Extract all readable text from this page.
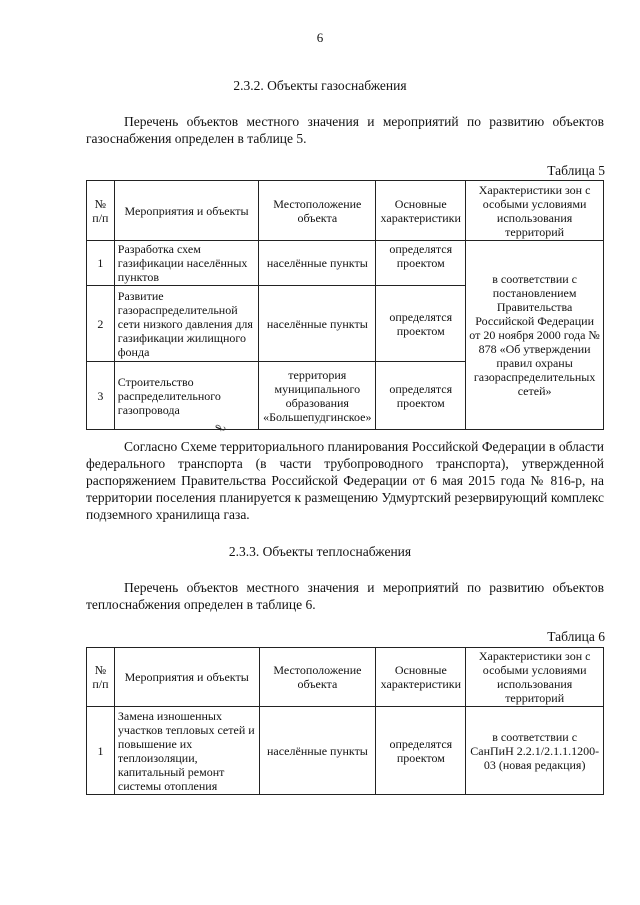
6
2.3.2. Объекты газоснабжения

Перечень объектов местного значения и мероприятий по развитию объектов газоснабжения определен в таблице 5.

Таблица 5
№ п/п	Мероприятия и объекты	Местоположение объекта	Основные характеристики	Характеристики зон с особыми условиями использования территорий
1	Разработка схем газификации населённых пунктов	населённые пункты	определятся проектом	в соответствии с постановлением Правительства Российской Федерации от 20 ноября 2000 года № 878 «Об утверждении правил охраны газораспределительных сетей»
2	Развитие газораспределительной сети низкого давления для газификации жилищного фонда	населённые пункты	определятся проектом	
3	Строительство распределительного газопровода	территория муниципального образования «Большепудгинское»	определятся проектом	

Согласно Схеме территориального планирования Российской Федерации в области федерального транспорта (в части трубопроводного транспорта), утвержденной распоряжением Правительства Российской Федерации от 6 мая 2015 года № 816-р, на территории поселения планируется к размещению Удмуртский резервирующий комплекс подземного хранилища газа.

ℓ
2.3.3. Объекты теплоснабжения

Перечень объектов местного значения и мероприятий по развитию объектов теплоснабжения определен в таблице 6.

Таблица 6
№ п/п	Мероприятия и объекты	Местоположение объекта	Основные характеристики	Характеристики зон с особыми условиями использования территорий
1	Замена изношенных участков тепловых сетей и повышение их теплоизоляции, капитальный ремонт системы отопления	населённые пункты	определятся проектом	в соответствии с СанПиН 2.2.1/2.1.1.1200-03 (новая редакция)
